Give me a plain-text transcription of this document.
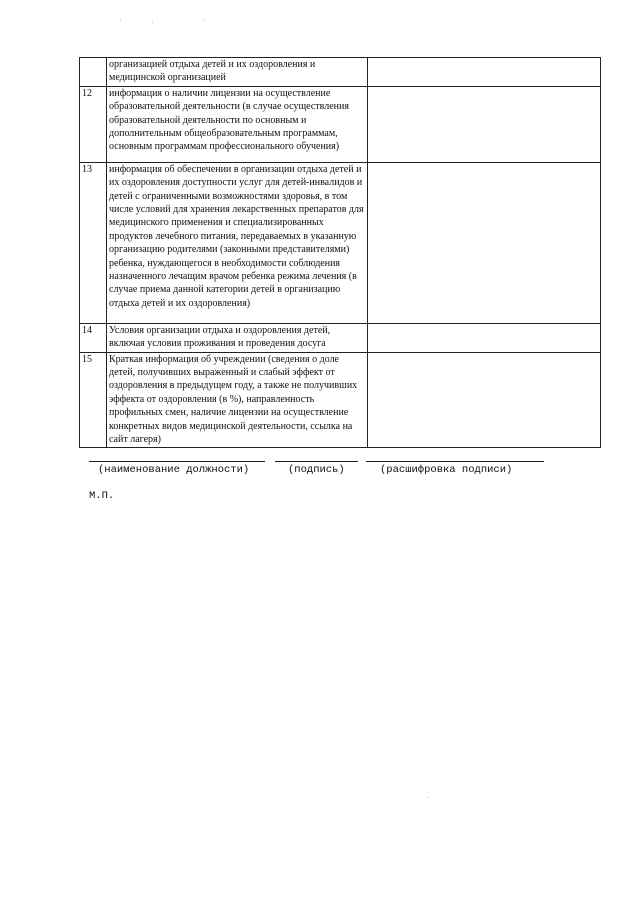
	организацией отдыха детей и их оздоровления и медицинской организацией	
12	информация о наличии лицензии на осуществление образовательной деятельности (в случае осуществления образовательной деятельности по основным и дополнительным общеобразовательным программам, основным программам профессионального обучения)	
13	информация об обеспечении в организации отдыха детей и их оздоровления доступности услуг для детей-инвалидов и детей с ограниченными возможностями здоровья, в том числе условий для хранения лекарственных препаратов для медицинского применения и специализированных продуктов лечебного питания, передаваемых в указанную организацию родителями (законными представителями) ребенка, нуждающегося в необходимости соблюдения назначенного лечащим врачом ребенка режима лечения (в случае приема данной категории детей в организацию отдыха детей и их оздоровления)	
14	Условия организации отдыха и оздоровления детей, включая условия проживания и проведения досуга	
15	Краткая информация об учреждении (сведения о доле детей, получивших выраженный и слабый эффект от оздоровления в предыдущем году, а также не получивших эффекта от оздоровления (в %), направленность профильных смен, наличие лицензии на осуществление конкретных видов медицинской деятельности, ссылка на сайт лагеря)	
(наименование должности)	(подпись)	(расшифровка подписи)
М.П.
